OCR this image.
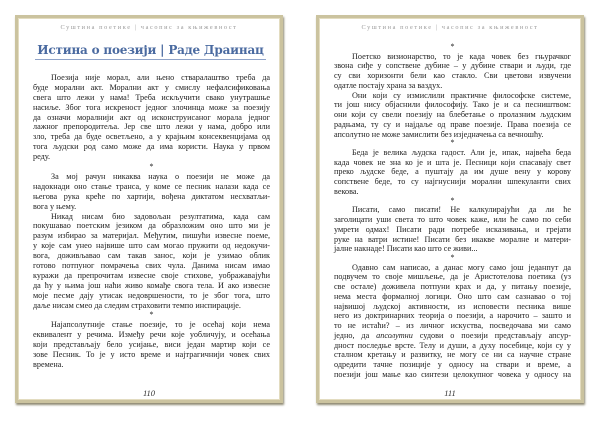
Суштина поетике | часопис за књижевност
Истина о поезији | Раде Драинац
Поезија није морал, али њено стваралаштво треба да
буде морални акт. Морални акт у смислу нефалсификовања
свега што лежи у нама! Треба искључити свако унутрашње
насиље. Због тога искреност једног злочинца може за поезију
да означи моралнији акт од исконструисаног морала једног
лажног препородитеља. Јер све што лежи у нама, добро или
зло, треба да буде осветљено, а у крајњим консеквенцијама од
тога људски род само може да има користи. Наука у првом
реду.
*
За мој рачун никаква наука о поезији не може да
надокнади оно стање транса, у коме се песник налази када се
његова рука креће по хартији, вођена диктатом несхватљи-
вога у њему.
Никад нисам био задовољан резултатима, када сам
покушавао поетским језиком да образложим оно што ми је
разум избирао за материјал. Међутим, пишући извесне поеме,
у које сам унео највише што сам могао пружити од недокучи-
вога, доживљавао сам такав занос, који је узимао облик
готово потпуног помрачења свих чула. Данима нисам имао
куражи да препрочитам извесне своје стихове, уображавајући
да ћу у њима још наћи живо комађе свога тела. И ако извесне
моје песме дају утисак недовршености, то је због тога, што
даље нисам смео да следим страховити темпо инспирације.
*
Најапсолутније стање поезије, то је осећај који нема
еквивалент у речима. Између речи које уобличују, и осећања
који представљају бело усијање, виси један мартир који се
зове Песник. То је у исто време и најтрагичнији човек свих
времена.
110
Суштина поетике | часопис за књижевност
*
Поетско визионарство, то је када човек без гњурачког
звона сиђе у сопствене дубине – у дубине ствари и људи, где
су сви хоризонти бели као стакло. Сви цветови извучени
одатле постају храна за ваздух.
Они који су измислили практичне философске системе,
ти још нису објаснили философију. Тако је и са песништвом:
они који су свели поезију на блебетање о пролазним људским
радњама, ту су и најдаље од праве поезије. Права поезија се
апсолутно не може замислити без изједначења са вечношћу.
*
Беда је велика људска гадост. Али је, ипак, највећа беда
када човек не зна ко је и шта је. Песници који спасавају свет
преко људске беде, а пуштају да им душе вену у корову
сопствене беде, то су најгнуснији морални шпекуланти свих
векова.
*
Писати, само писати! Не калкулирајући да ли ће
заголицати уши света то што човек каже, или ће само по себи
умрети одмах! Писати ради потребе исказивања, и грејати
руке на ватри истине! Писати без икакве моралне и матери-
јалне накнаде! Писати као што се живи...
*
Одавно сам написао, а данас могу само још једанпут да
подвучем то своје мишљење, да је Аристотелова поетика (уз
све остале) доживела потпуни крах и да, у питању поезије,
нема места формалној логици. Оно што сам сазнавао о тој
највишој људској активности, из исповести песника више
него из доктринарних теорија о поезији, а нарочито – зашто и
то не истаћи? – из личног искуства, посведочава ми само
једно, да апсолутни судови о поезији представљају апсур-
дност последње врсте. Телу и души, а духу посебице, који су у
сталном кретању и развитку, не могу се ни са научне стране
одредити тачне позиције у односу на ствари и време, а
поезији још мање као синтези целокупног човека у односу на
111
